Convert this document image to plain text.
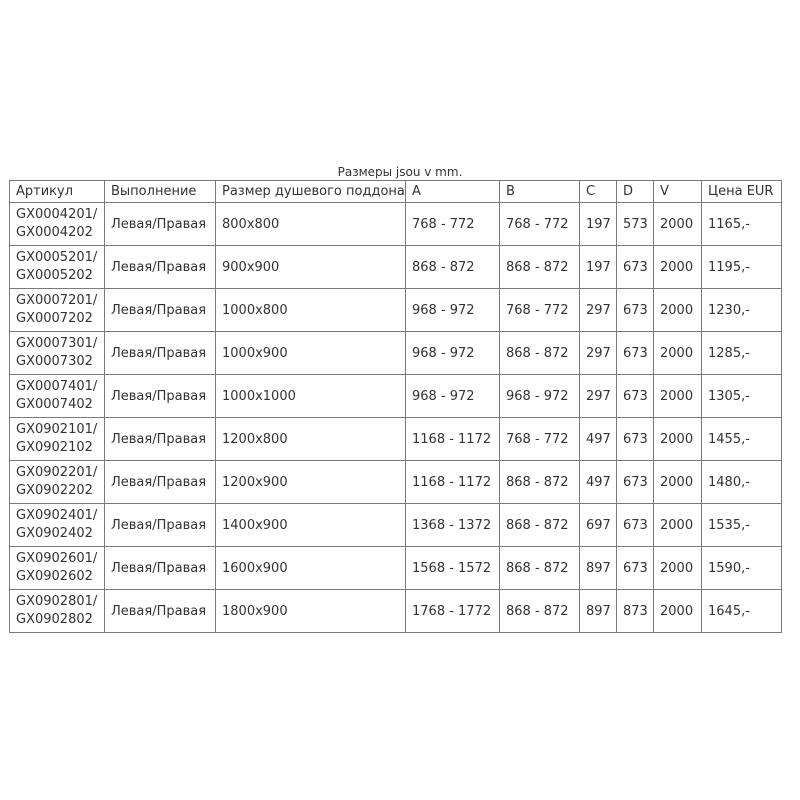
Размеры jsou v mm.
Артикул	Выполнение	Размер душевого поддона	A	B	C	D	V	Цена EUR

GX0004201/
GX0004202	Левая/Правая	800x800	768 - 772	768 - 772	197	573	2000	1165,-

GX0005201/
GX0005202	Левая/Правая	900x900	868 - 872	868 - 872	197	673	2000	1195,-

GX0007201/
GX0007202	Левая/Правая	1000x800	968 - 972	768 - 772	297	673	2000	1230,-

GX0007301/
GX0007302	Левая/Правая	1000x900	968 - 972	868 - 872	297	673	2000	1285,-

GX0007401/
GX0007402	Левая/Правая	1000x1000	968 - 972	968 - 972	297	673	2000	1305,-

GX0902101/
GX0902102	Левая/Правая	1200x800	1168 - 1172	768 - 772	497	673	2000	1455,-

GX0902201/
GX0902202	Левая/Правая	1200x900	1168 - 1172	868 - 872	497	673	2000	1480,-

GX0902401/
GX0902402	Левая/Правая	1400x900	1368 - 1372	868 - 872	697	673	2000	1535,-

GX0902601/
GX0902602	Левая/Правая	1600x900	1568 - 1572	868 - 872	897	673	2000	1590,-

GX0902801/
GX0902802	Левая/Правая	1800x900	1768 - 1772	868 - 872	897	873	2000	1645,-
